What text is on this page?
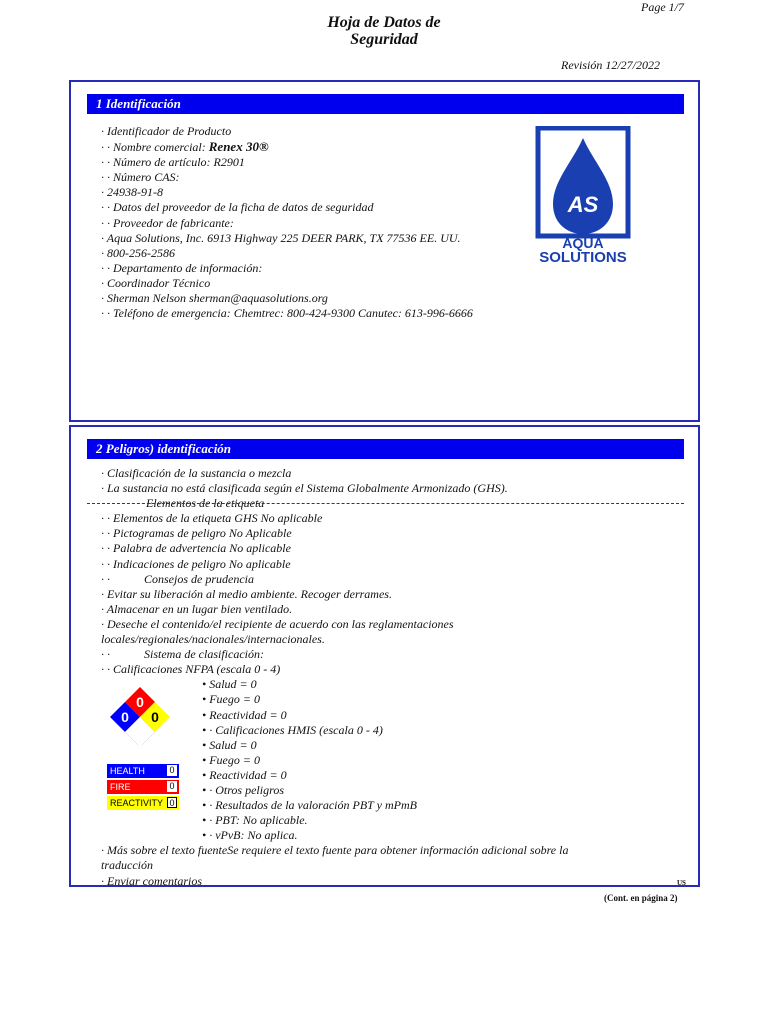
Page 1/7
Hoja de Datos de
Seguridad
Revisión 12/27/2022
1 Identificación
· Identificador de Producto
· · Nombre comercial: Renex 30®
· · Número de artículo: R2901
· · Número CAS:
· 24938-91-8
· · Datos del proveedor de la ficha de datos de seguridad
· · Proveedor de fabricante:
· Aqua Solutions, Inc. 6913 Highway 225 DEER PARK, TX 77536 EE. UU.
· 800-256-2586
· · Departamento de información:
· Coordinador Técnico
· Sherman Nelson sherman@aquasolutions.org
· · Teléfono de emergencia: Chemtrec: 800-424-9300 Canutec: 613-996-6666
AS
AQUA
SOLUTIONS
2 Peligros) identificación
· Clasificación de la sustancia o mezcla
· La sustancia no está clasificada según el Sistema Globalmente Armonizado (GHS).
Elementos de la etiqueta
· · Elementos de la etiqueta GHS No aplicable
· · Pictogramas de peligro No Aplicable
· · Palabra de advertencia No aplicable
· · Indicaciones de peligro No aplicable
· ·	Consejos de prudencia
· Evitar su liberación al medio ambiente. Recoger derrames.
· Almacenar en un lugar bien ventilado.
· Desechе el contenido/el recipiente de acuerdo con las reglamentaciones
locales/regionales/nacionales/internacionales.
· ·	Sistema de clasificación:
· · Calificaciones NFPA (escala 0 - 4)
• Salud = 0
• Fuego = 0
• Reactividad = 0
• · Calificaciones HMIS (escala 0 - 4)
• Salud = 0
• Fuego = 0
• Reactividad = 0
• · Otros peligros
• · Resultados de la valoración PBT y mPmB
• · PBT: No aplicable.
• · vPvB: No aplica.
· Más sobre el texto fuenteSe requiere el texto fuente para obtener información adicional sobre la
traducción
· Enviar comentarios
0
0 0
HEALTH	0
FIRE	0
REACTIVITY 0
US
(Cont. en página 2)
